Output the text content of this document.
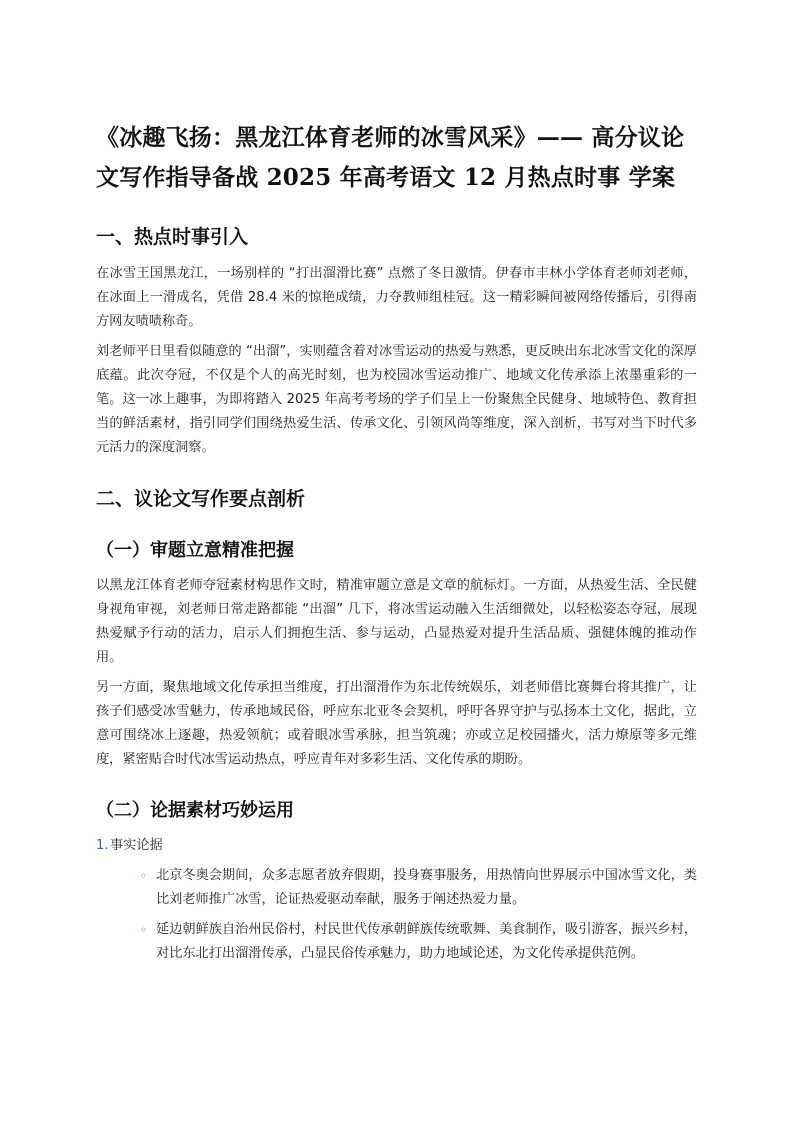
《冰趣飞扬：黑龙江体育老师的冰雪风采》—— 高分议论文写作指导备战 2025 年高考语文 12 月热点时事 学案
一、热点时事引入

在冰雪王国黑龙江，一场别样的 “打出溜滑比赛” 点燃了冬日激情。伊春市丰林小学体育老师刘老师，在冰面上一滑成名，凭借 28.4 米的惊艳成绩，力夺教师组桂冠。这一精彩瞬间被网络传播后，引得南方网友啧啧称奇。

刘老师平日里看似随意的 “出溜”，实则蕴含着对冰雪运动的热爱与熟悉，更反映出东北冰雪文化的深厚底蕴。此次夺冠，不仅是个人的高光时刻，也为校园冰雪运动推广、地域文化传承添上浓墨重彩的一笔。这一冰上趣事，为即将踏入 2025 年高考考场的学子们呈上一份聚焦全民健身、地域特色、教育担当的鲜活素材，指引同学们围绕热爱生活、传承文化、引领风尚等维度，深入剖析，书写对当下时代多元活力的深度洞察。

二、议论文写作要点剖析
（一）审题立意精准把握

以黑龙江体育老师夺冠素材构思作文时，精准审题立意是文章的航标灯。一方面，从热爱生活、全民健身视角审视，刘老师日常走路都能 “出溜” 几下，将冰雪运动融入生活细微处，以轻松姿态夺冠，展现热爱赋予行动的活力，启示人们拥抱生活、参与运动，凸显热爱对提升生活品质、强健体魄的推动作用。

另一方面，聚焦地域文化传承担当维度，打出溜滑作为东北传统娱乐，刘老师借比赛舞台将其推广，让孩子们感受冰雪魅力，传承地域民俗，呼应东北亚冬会契机，呼吁各界守护与弘扬本土文化，据此，立意可围绕冰上逐趣，热爱领航；或着眼冰雪承脉，担当筑魂；亦或立足校园播火，活力燎原等多元维度，紧密贴合时代冰雪运动热点，呼应青年对多彩生活、文化传承的期盼。

（二）论据素材巧妙运用
1. 事实论据
◦ 北京冬奥会期间，众多志愿者放弃假期，投身赛事服务，用热情向世界展示中国冰雪文化，类比刘老师推广冰雪，论证热爱驱动奉献，服务于阐述热爱力量。
◦ 延边朝鲜族自治州民俗村，村民世代传承朝鲜族传统歌舞、美食制作，吸引游客，振兴乡村，对比东北打出溜滑传承，凸显民俗传承魅力，助力地域论述，为文化传承提供范例。
